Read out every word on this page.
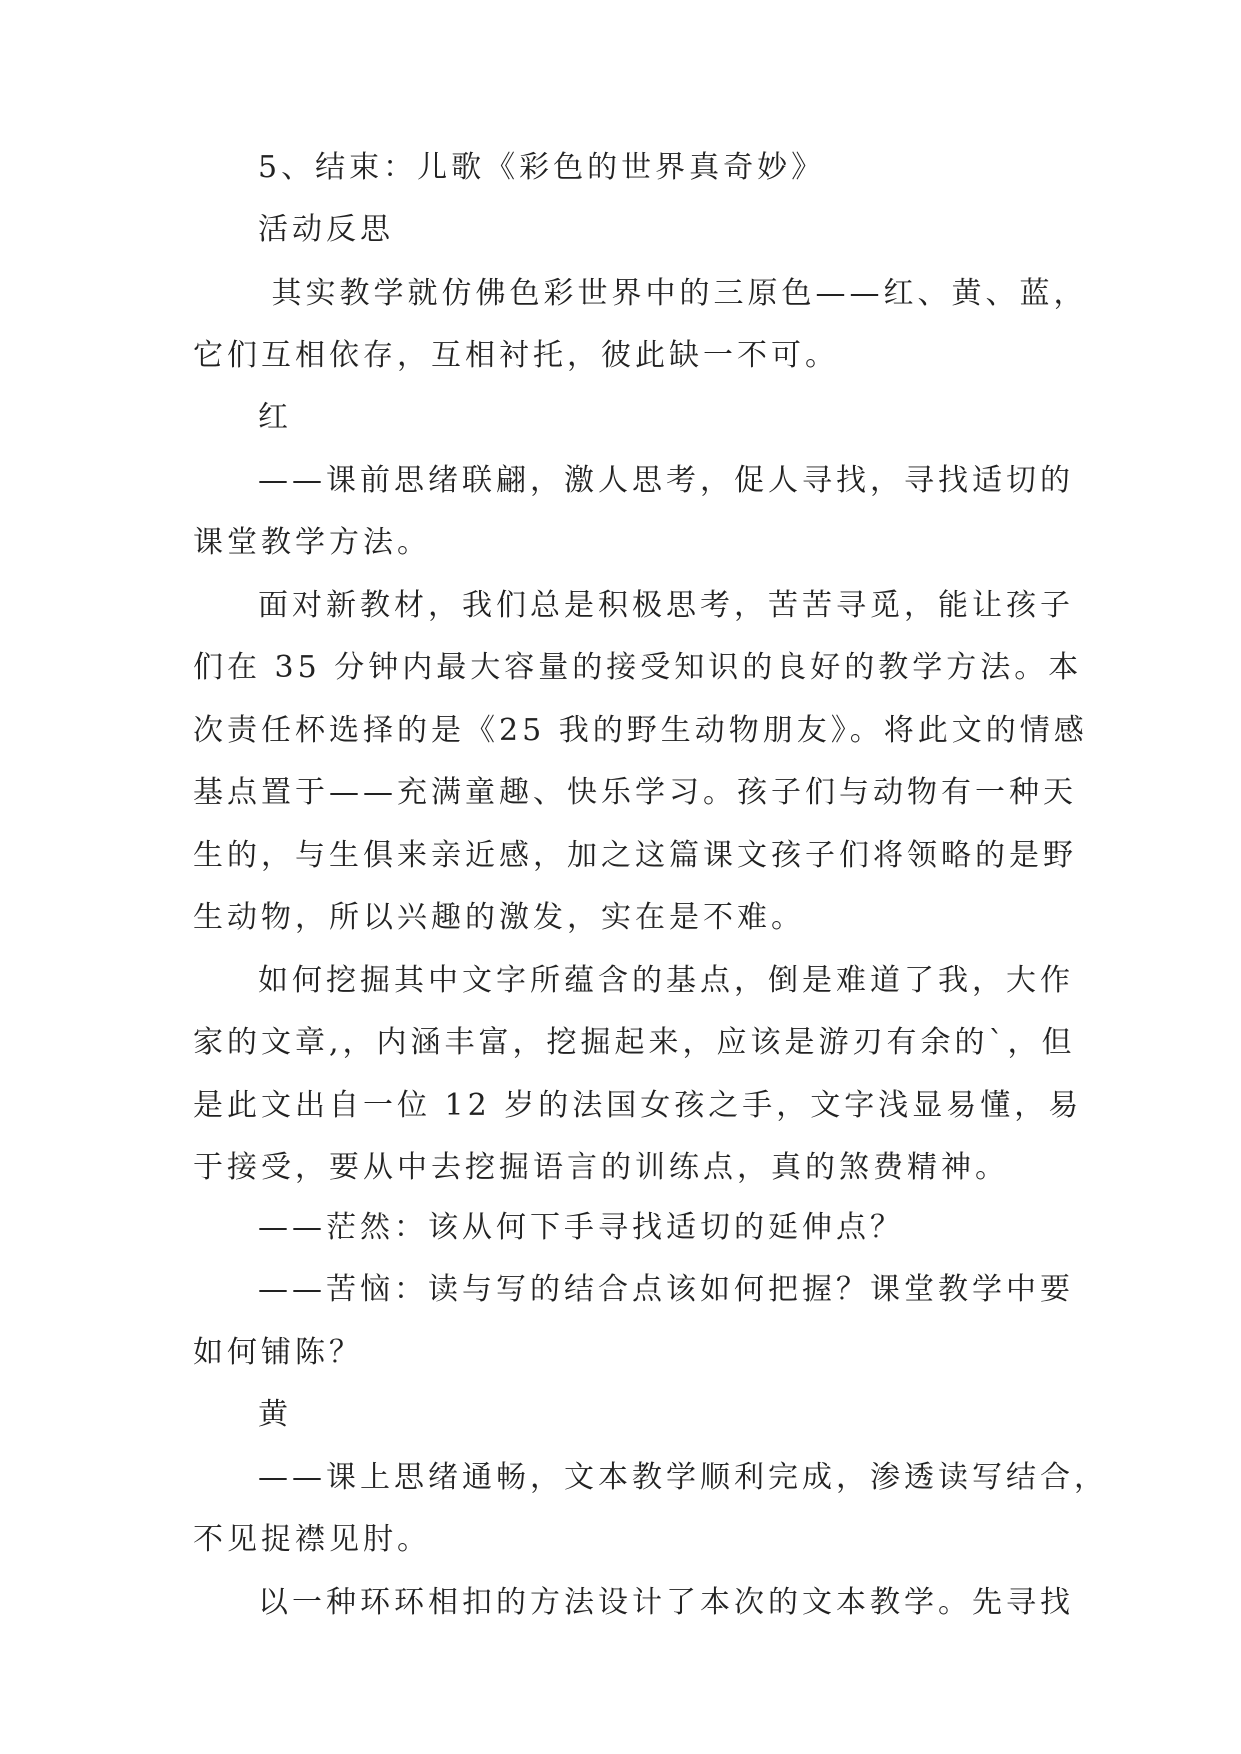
5、结束：儿歌《彩色的世界真奇妙》
活动反思
其实教学就仿佛色彩世界中的三原色——红、黄、蓝，
它们互相依存，互相衬托，彼此缺一不可。
红
——课前思绪联翩，激人思考，促人寻找，寻找适切的
课堂教学方法。
面对新教材，我们总是积极思考，苦苦寻觅，能让孩子
们在 35 分钟内最大容量的接受知识的良好的教学方法。本
次责任杯选择的是《25 我的野生动物朋友》。将此文的情感
基点置于——充满童趣、快乐学习。孩子们与动物有一种天
生的，与生俱来亲近感，加之这篇课文孩子们将领略的是野
生动物，所以兴趣的激发，实在是不难。
如何挖掘其中文字所蕴含的基点，倒是难道了我，大作
家的文章,，内涵丰富，挖掘起来，应该是游刃有余的`，但
是此文出自一位 12 岁的法国女孩之手，文字浅显易懂，易
于接受，要从中去挖掘语言的训练点，真的煞费精神。
——茫然：该从何下手寻找适切的延伸点？
——苦恼：读与写的结合点该如何把握？课堂教学中要
如何铺陈？
黄
——课上思绪通畅，文本教学顺利完成，渗透读写结合，
不见捉襟见肘。
以一种环环相扣的方法设计了本次的文本教学。先寻找
